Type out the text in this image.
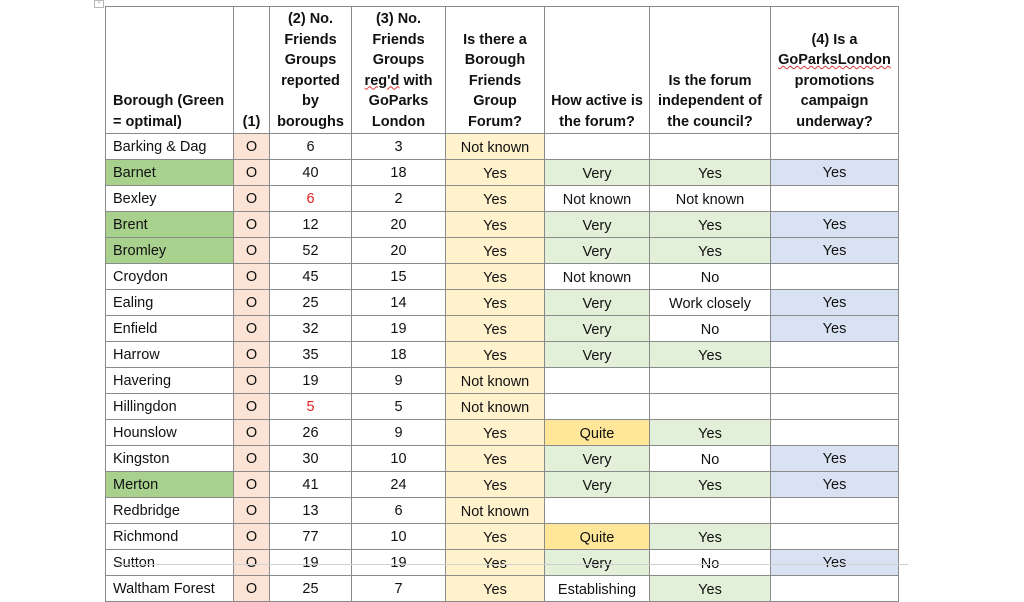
+
Borough (Green = optimal)	(1)	(2) No. Friends Groups reported by boroughs	(3) No. Friends Groups reg'd with GoParks London	Is there a Borough Friends Group Forum?	How active is the forum?	Is the forum independent of the council?	(4) Is a GoParksLondon promotions campaign underway?
Barking & Dag	O	6	3	Not known			
Barnet	O	40	18	Yes	Very	Yes	Yes
Bexley	O	6	2	Yes	Not known	Not known	
Brent	O	12	20	Yes	Very	Yes	Yes
Bromley	O	52	20	Yes	Very	Yes	Yes
Croydon	O	45	15	Yes	Not known	No	
Ealing	O	25	14	Yes	Very	Work closely	Yes
Enfield	O	32	19	Yes	Very	No	Yes
Harrow	O	35	18	Yes	Very	Yes	
Havering	O	19	9	Not known			
Hillingdon	O	5	5	Not known			
Hounslow	O	26	9	Yes	Quite	Yes	
Kingston	O	30	10	Yes	Very	No	Yes
Merton	O	41	24	Yes	Very	Yes	Yes
Redbridge	O	13	6	Not known			
Richmond	O	77	10	Yes	Quite	Yes	
Sutton	O	19	19	Yes	Very	No	Yes
Waltham Forest	O	25	7	Yes	Establishing	Yes	
